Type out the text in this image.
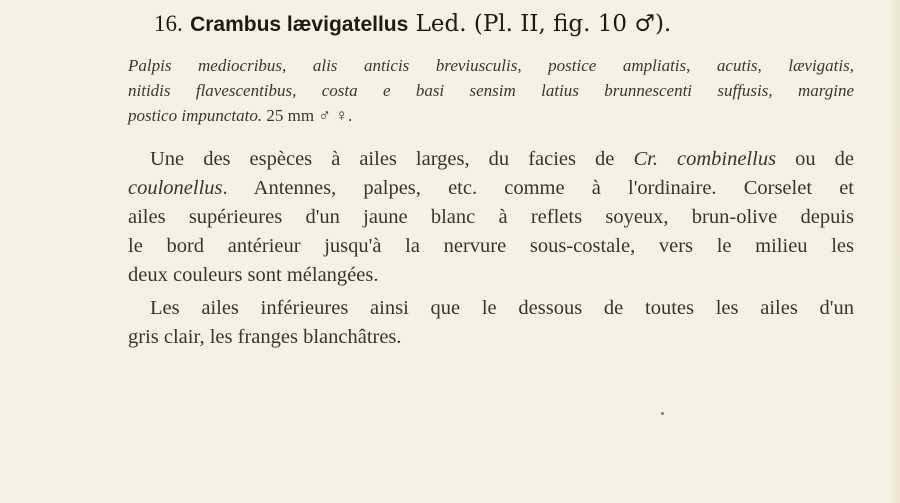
16. Crambus lævigatellus Led. (Pl. II, fig. 10 ♂).
Palpis mediocribus, alis anticis breviusculis, postice ampliatis, acutis, lævigatis,
nitidis flavescentibus, costa e basi sensim latius brunnescenti suffusis, margine
postico impunctato. 25 mm ♂ ♀.
Une des espèces à ailes larges, du facies de Cr. combinellus ou de
coulonellus. Antennes, palpes, etc. comme à l'ordinaire. Corselet et
ailes supérieures d'un jaune blanc à reflets soyeux, brun-olive depuis
le bord antérieur jusqu'à la nervure sous-costale, vers le milieu les
deux couleurs sont mélangées.
Les ailes inférieures ainsi que le dessous de toutes les ailes d'un
gris clair, les franges blanchâtres.
